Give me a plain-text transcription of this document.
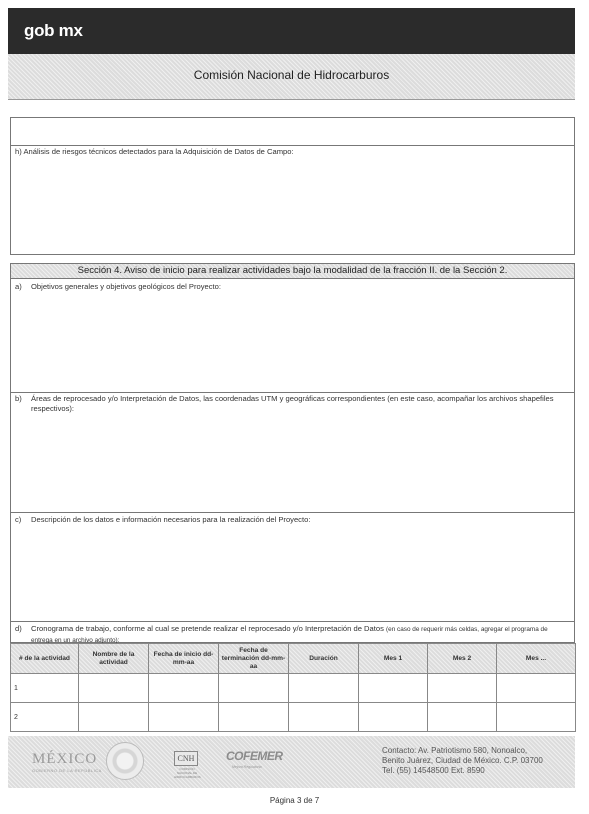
gob mx
Comisión Nacional de Hidrocarburos
h) Análisis de riesgos técnicos detectados para la Adquisición de Datos de Campo:
Sección 4. Aviso de inicio para realizar actividades bajo la modalidad de la fracción II. de la Sección 2.
a) Objetivos generales y objetivos geológicos del Proyecto:
b) Áreas de reprocesado y/o Interpretación de Datos, las coordenadas UTM y geográficas correspondientes (en este caso, acompañar los archivos shapefiles respectivos):
c) Descripción de los datos e información necesarios para la realización del Proyecto:
d) Cronograma de trabajo, conforme al cual se pretende realizar el reprocesado y/o Interpretación de Datos (en caso de requerir más celdas, agregar el programa de entrega en un archivo adjunto):
# de la actividad	Nombre de la actividad	Fecha de inicio dd-mm-aa	Fecha de terminación dd-mm-aa	Duración	Mes 1	Mes 2	Mes ...
1							
2							
MÉXICO
GOBIERNO DE LA REPÚBLICA
CNH
COMISIÓN NACIONAL DE HIDROCARBUROS
COFEMER
Mejora Regulatoria
Contacto: Av. Patriotismo 580, Nonoalco,
Benito Juárez, Ciudad de México. C.P. 03700
Tel. (55) 14548500 Ext. 8590
Página 3 de 7
